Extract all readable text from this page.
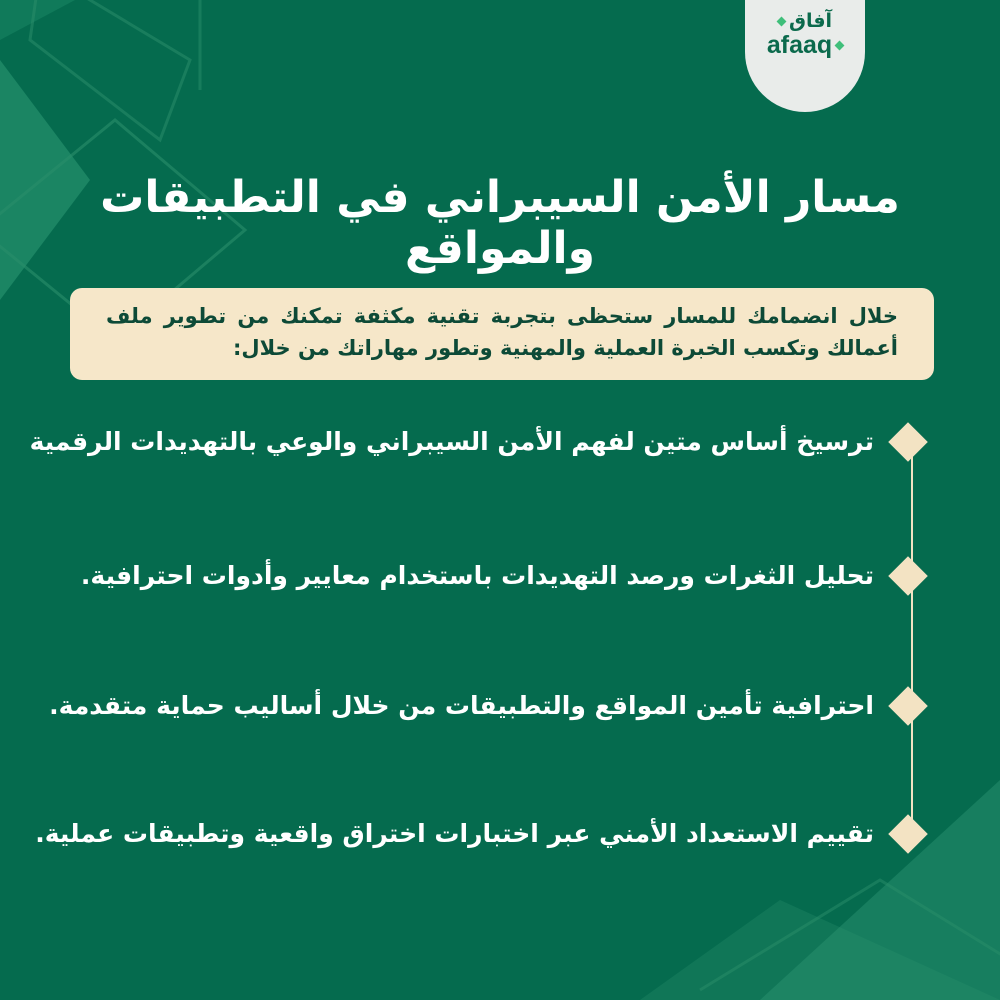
آفاق
afaaq
مسار الأمن السيبراني في التطبيقات والمواقع
خلال انضمامك للمسار ستحظى بتجربة تقنية مكثفة تمكنك من تطوير ملف أعمالك وتكسب الخبرة العملية والمهنية وتطور مهاراتك من خلال:
ترسيخ أساس متين لفهم الأمن السيبراني والوعي بالتهديدات الرقمية
تحليل الثغرات ورصد التهديدات باستخدام معايير وأدوات احترافية.
احترافية تأمين المواقع والتطبيقات من خلال أساليب حماية متقدمة.
تقييم الاستعداد الأمني عبر اختبارات اختراق واقعية وتطبيقات عملية.
